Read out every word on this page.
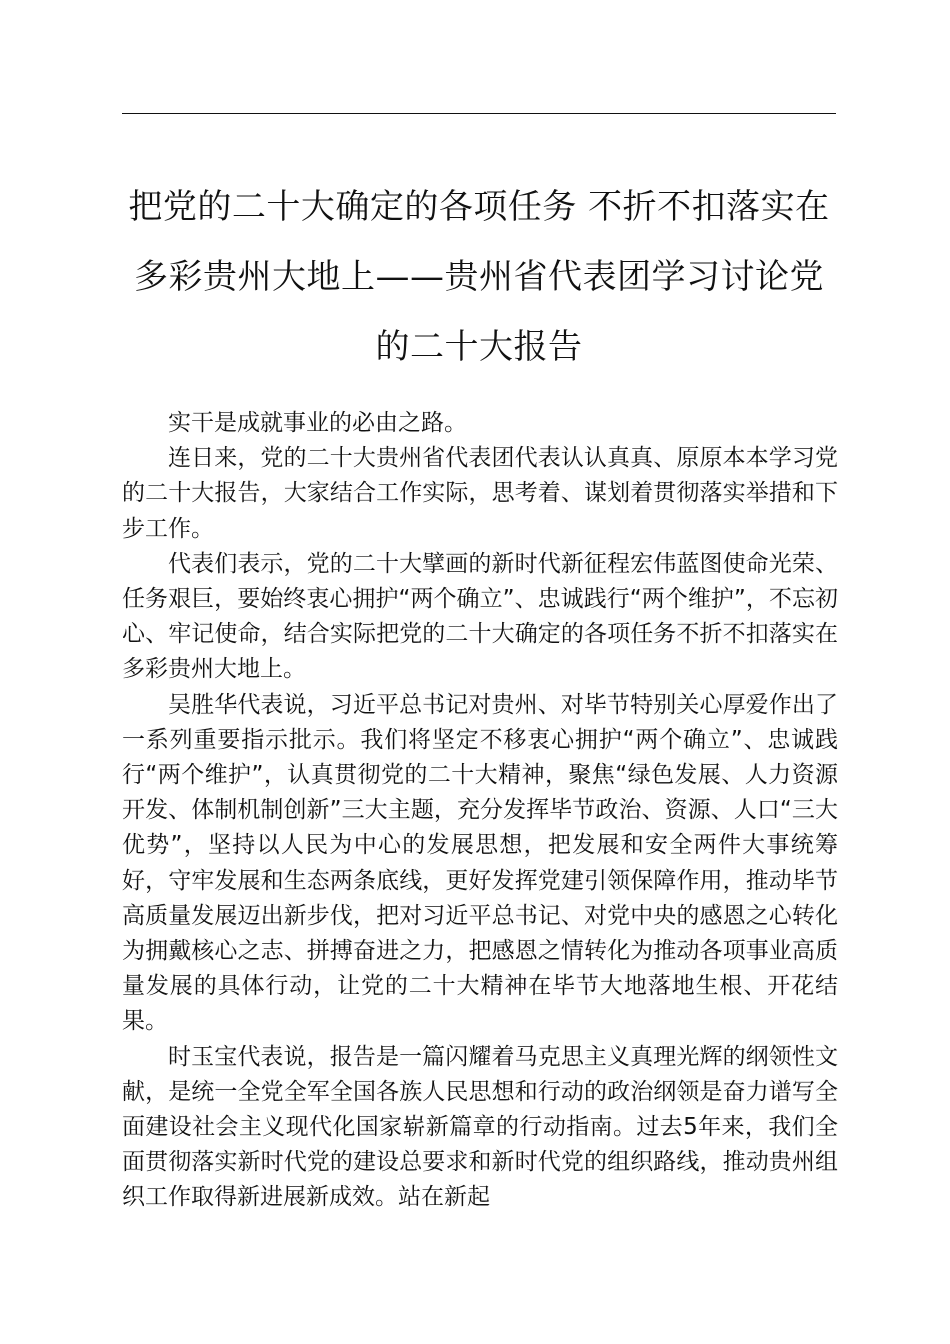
把党的二十大确定的各项任务 不折不扣落实在
多彩贵州大地上——贵州省代表团学习讨论党
的二十大报告

实干是成就事业的必由之路。

连日来，党的二十大贵州省代表团代表认认真真、原原本本学习党的二十大报告，大家结合工作实际，思考着、谋划着贯彻落实举措和下步工作。

代表们表示，党的二十大擘画的新时代新征程宏伟蓝图使命光荣、任务艰巨，要始终衷心拥护“两个确立”、忠诚践行“两个维护”，不忘初心、牢记使命，结合实际把党的二十大确定的各项任务不折不扣落实在多彩贵州大地上。

吴胜华代表说，习近平总书记对贵州、对毕节特别关心厚爱作出了一系列重要指示批示。我们将坚定不移衷心拥护“两个确立”、忠诚践行“两个维护”，认真贯彻党的二十大精神，聚焦“绿色发展、人力资源开发、体制机制创新”三大主题，充分发挥毕节政治、资源、人口“三大优势”，坚持以人民为中心的发展思想，把发展和安全两件大事统筹好，守牢发展和生态两条底线，更好发挥党建引领保障作用，推动毕节高质量发展迈出新步伐，把对习近平总书记、对党中央的感恩之心转化为拥戴核心之志、拼搏奋进之力，把感恩之情转化为推动各项事业高质量发展的具体行动，让党的二十大精神在毕节大地落地生根、开花结果。

时玉宝代表说，报告是一篇闪耀着马克思主义真理光辉的纲领性文献，是统一全党全军全国各族人民思想和行动的政治纲领是奋力谱写全面建设社会主义现代化国家崭新篇章的行动指南。过去5年来，我们全面贯彻落实新时代党的建设总要求和新时代党的组织路线，推动贵州组织工作取得新进展新成效。站在新起
